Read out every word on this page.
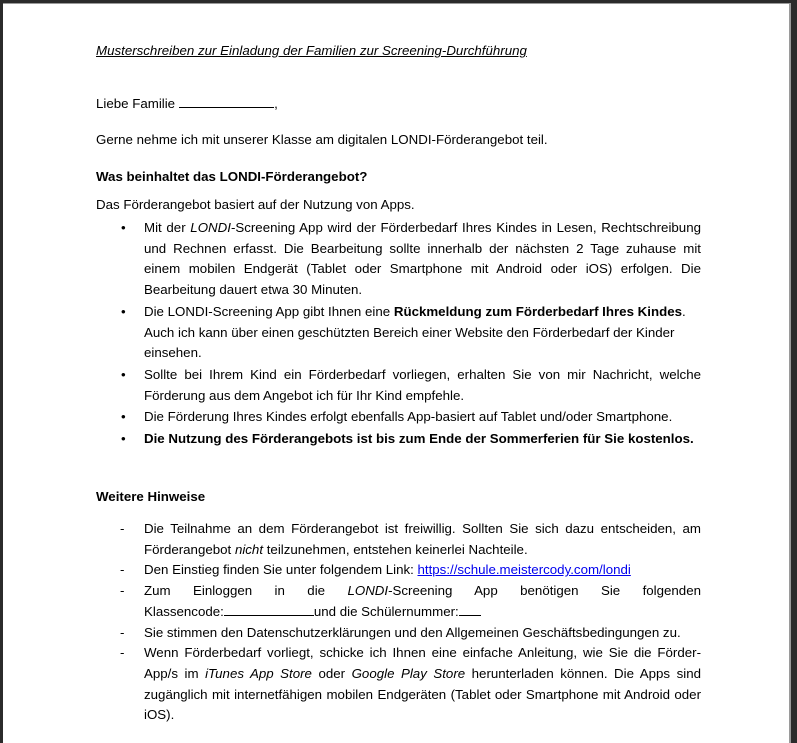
Musterschreiben zur Einladung der Familien zur Screening-Durchführung
Liebe Familie	,
Gerne nehme ich mit unserer Klasse am digitalen LONDI-Förderangebot teil.
Was beinhaltet das LONDI-Förderangebot?
Das Förderangebot basiert auf der Nutzung von Apps.
• Mit der LONDI-Screening App wird der Förderbedarf Ihres Kindes in Lesen, Rechtschreibung und Rechnen erfasst. Die Bearbeitung sollte innerhalb der nächsten 2 Tage zuhause mit einem mobilen Endgerät (Tablet oder Smartphone mit Android oder iOS) erfolgen. Die Bearbeitung dauert etwa 30 Minuten.
• Die LONDI-Screening App gibt Ihnen eine Rückmeldung zum Förderbedarf Ihres Kindes.
Auch ich kann über einen geschützten Bereich einer Website den Förderbedarf der Kinder einsehen.
• Sollte bei Ihrem Kind ein Förderbedarf vorliegen, erhalten Sie von mir Nachricht, welche Förderung aus dem Angebot ich für Ihr Kind empfehle.
• Die Förderung Ihres Kindes erfolgt ebenfalls App-basiert auf Tablet und/oder Smartphone.
• Die Nutzung des Förderangebots ist bis zum Ende der Sommerferien für Sie kostenlos.
Weitere Hinweise
- Die Teilnahme an dem Förderangebot ist freiwillig. Sollten Sie sich dazu entscheiden, am Förderangebot nicht teilzunehmen, entstehen keinerlei Nachteile.
- Den Einstieg finden Sie unter folgendem Link: https://schule.meistercody.com/londi
- Zum Einloggen in die LONDI-Screening App benötigen Sie folgenden
Klassencode:	und die Schülernummer:
- Sie stimmen den Datenschutzerklärungen und den Allgemeinen Geschäftsbedingungen zu.
- Wenn Förderbedarf vorliegt, schicke ich Ihnen eine einfache Anleitung, wie Sie die Förder-App/s im iTunes App Store oder Google Play Store herunterladen können. Die Apps sind zugänglich mit internetfähigen mobilen Endgeräten (Tablet oder Smartphone mit Android oder iOS).
